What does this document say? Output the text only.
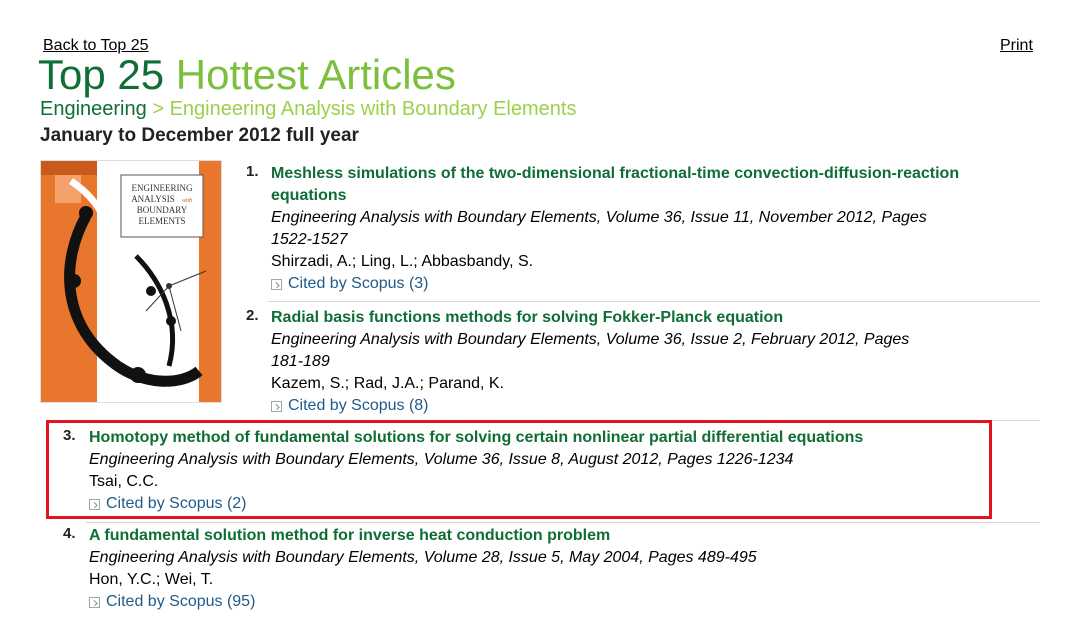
Back to Top 25	Print
Top 25 Hottest Articles
Engineering > Engineering Analysis with Boundary Elements
January to December 2012 full year
ENGINEERING
ANALYSIS with
BOUNDARY
ELEMENTS
1. Meshless simulations of the two-dimensional fractional-time convection-diffusion-reaction
equations
Engineering Analysis with Boundary Elements, Volume 36, Issue 11, November 2012, Pages
1522-1527
Shirzadi, A.; Ling, L.; Abbasbandy, S.
Cited by Scopus (3)
2. Radial basis functions methods for solving Fokker-Planck equation
Engineering Analysis with Boundary Elements, Volume 36, Issue 2, February 2012, Pages
181-189
Kazem, S.; Rad, J.A.; Parand, K.
Cited by Scopus (8)
3. Homotopy method of fundamental solutions for solving certain nonlinear partial differential equations
Engineering Analysis with Boundary Elements, Volume 36, Issue 8, August 2012, Pages 1226-1234
Tsai, C.C.
Cited by Scopus (2)
4. A fundamental solution method for inverse heat conduction problem
Engineering Analysis with Boundary Elements, Volume 28, Issue 5, May 2004, Pages 489-495
Hon, Y.C.; Wei, T.
Cited by Scopus (95)
